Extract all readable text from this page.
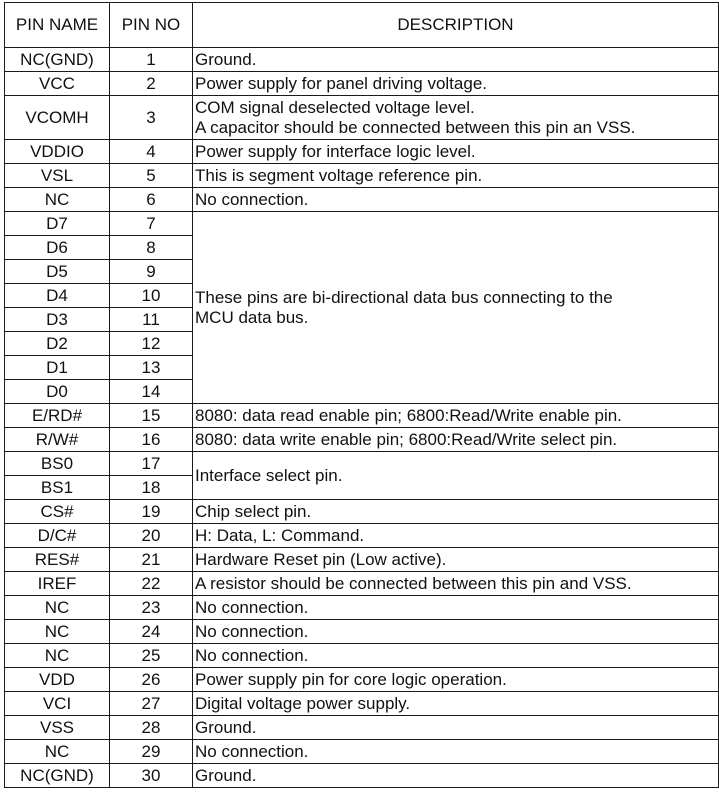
PIN NAME	PIN NO	DESCRIPTION
NC(GND)	1	Ground.

VCC	2	Power supply for panel driving voltage.

VCOMH	3	COM signal deselected voltage level.
A capacitor should be connected between this pin an VSS.

VDDIO	4	Power supply for interface logic level.

VSL	5	This is segment voltage reference pin.

NC	6	No connection.

D7	7	These pins are bi-directional data bus connecting to the
MCU data bus.

D6	8	
D5	9	
D4	10	
D3	11	
D2	12	
D1	13	
D0	14	
E/RD#	15	8080: data read enable pin; 6800:Read/Write enable pin.

R/W#	16	8080: data write enable pin; 6800:Read/Write select pin.

BS0	17	Interface select pin.

BS1	18	
CS#	19	Chip select pin.

D/C#	20	H: Data, L: Command.

RES#	21	Hardware Reset pin (Low active).

IREF	22	A resistor should be connected between this pin and VSS.

NC	23	No connection.

NC	24	No connection.

NC	25	No connection.

VDD	26	Power supply pin for core logic operation.

VCI	27	Digital voltage power supply.

VSS	28	Ground.

NC	29	No connection.

NC(GND)	30	Ground.
